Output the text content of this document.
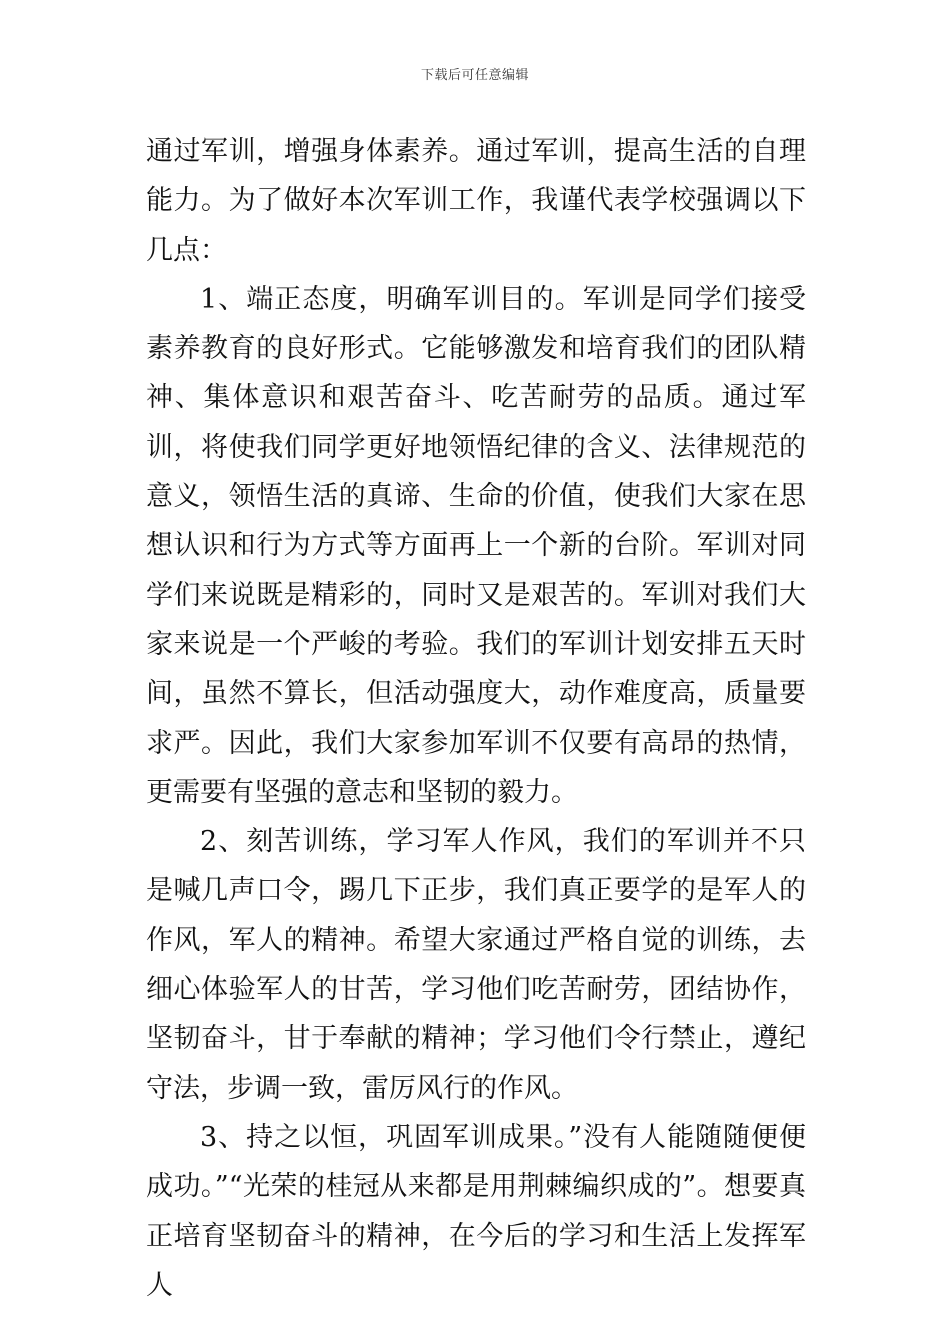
下载后可任意编辑

通过军训，增强身体素养。通过军训，提高生活的自理能力。为了做好本次军训工作，我谨代表学校强调以下几点：

1、端正态度，明确军训目的。军训是同学们接受素养教育的良好形式。它能够激发和培育我们的团队精神、集体意识和艰苦奋斗、吃苦耐劳的品质。通过军训，将使我们同学更好地领悟纪律的含义、法律规范的意义，领悟生活的真谛、生命的价值，使我们大家在思想认识和行为方式等方面再上一个新的台阶。军训对同学们来说既是精彩的，同时又是艰苦的。军训对我们大家来说是一个严峻的考验。我们的军训计划安排五天时间，虽然不算长，但活动强度大，动作难度高，质量要求严。因此，我们大家参加军训不仅要有高昂的热情，更需要有坚强的意志和坚韧的毅力。

2、刻苦训练，学习军人作风，我们的军训并不只是喊几声口令，踢几下正步，我们真正要学的是军人的作风，军人的精神。希望大家通过严格自觉的训练，去细心体验军人的甘苦，学习他们吃苦耐劳，团结协作，坚韧奋斗，甘于奉献的精神；学习他们令行禁止，遵纪守法，步调一致，雷厉风行的作风。

3、持之以恒，巩固军训成果。”没有人能随随便便成功。”“光荣的桂冠从来都是用荆棘编织成的”。想要真正培育坚韧奋斗的精神，在今后的学习和生活上发挥军人
